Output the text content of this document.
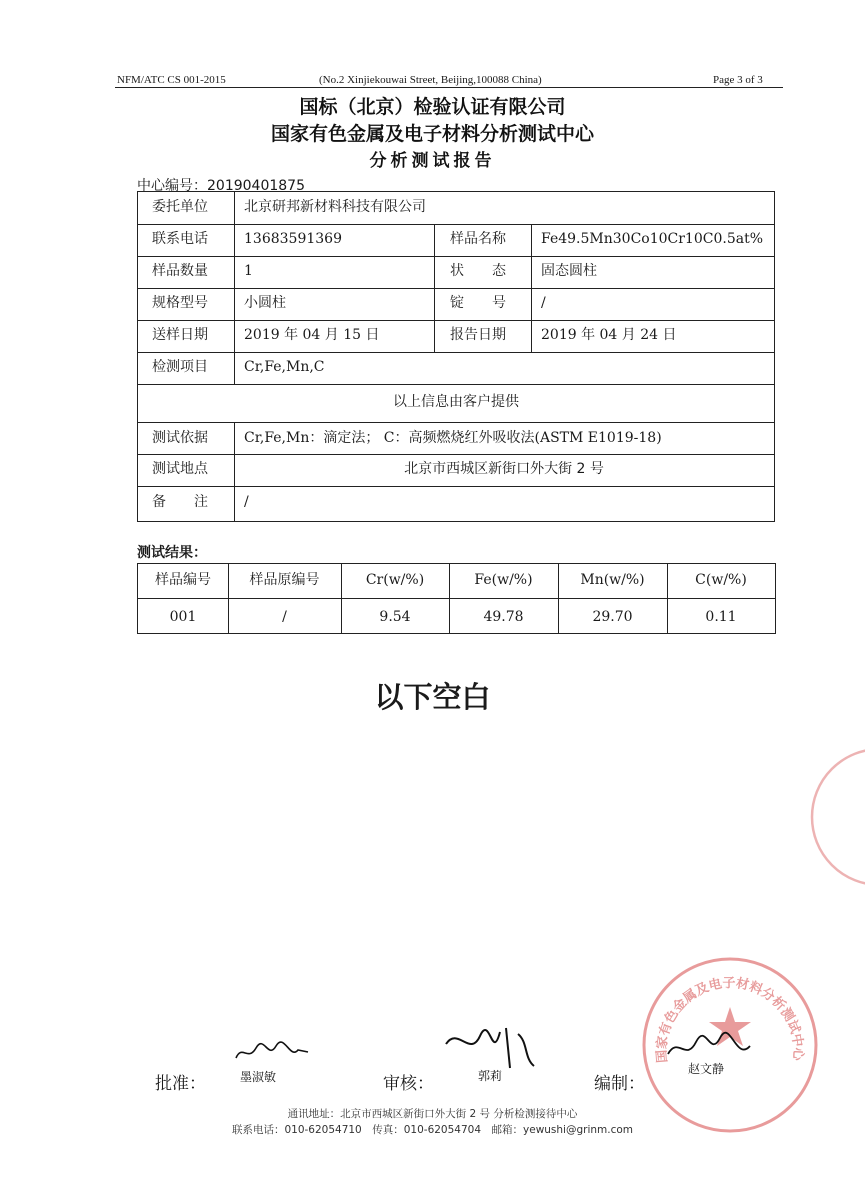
NFM/ATC CS 001-2015	(No.2 Xinjiekouwai Street, Beijing,100088 China)	Page 3 of 3
国标（北京）检验认证有限公司
国家有色金属及电子材料分析测试中心
分析测试报告
中心编号：20190401875
委托单位	北京研邦新材料科技有限公司
联系电话	13683591369	样品名称	Fe49.5Mn30Co10Cr10C0.5at%
样品数量	1	状　　态	固态圆柱
规格型号	小圆柱	锭　　号	/
送样日期	2019 年 04 月 15 日	报告日期	2019 年 04 月 24 日
检测项目	Cr,Fe,Mn,C
以上信息由客户提供
测试依据	Cr,Fe,Mn：滴定法； C：高频燃烧红外吸收法(ASTM E1019-18)
测试地点	北京市西城区新街口外大街 2 号
备　　注	/
测试结果：
样品编号	样品原编号	Cr(w/%)	Fe(w/%)	Mn(w/%)	C(w/%)
001	/	9.54	49.78	29.70	0.11
以下空白
国家有色金属及电子材料分析测试中心
批准：	墨淑敏	审核：	郭莉	编制：
赵文静
通讯地址：北京市西城区新街口外大街 2 号 分析检测接待中心
联系电话：010-62054710　传真：010-62054704　邮箱：yewushi@grinm.com
